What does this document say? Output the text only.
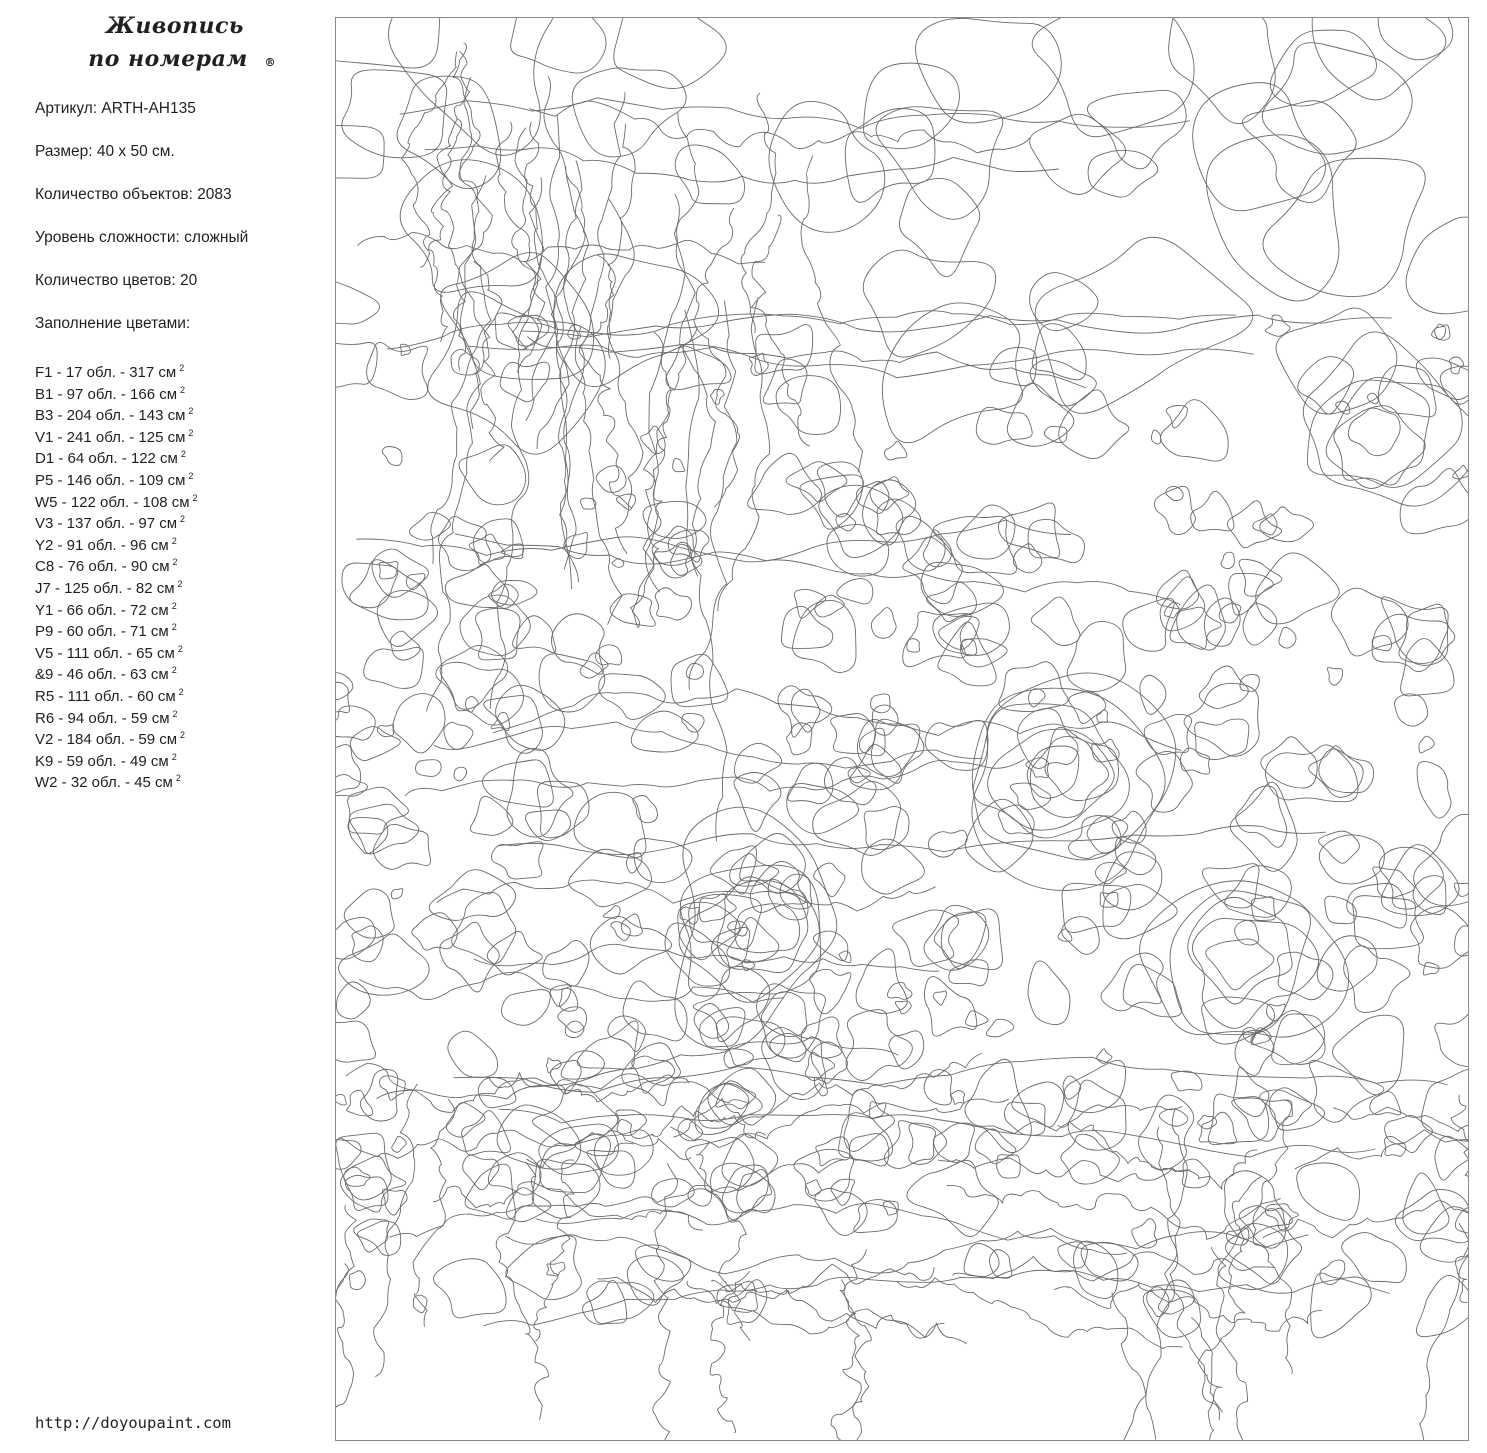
Живопись

по номерам	®
Артикул: ARTH-AH135
Размер: 40 х 50 см.
Количество объектов: 2083
Уровень сложности: сложный
Количество цветов: 20
Заполнение цветами:
F1 - 17 обл. - 317 см $^2$
B1 - 97 обл. - 166 см $^2$
B3 - 204 обл. - 143 см $^2$
V1 - 241 обл. - 125 см $^2$
D1 - 64 обл. - 122 см $^2$
P5 - 146 обл. - 109 см $^2$
W5 - 122 обл. - 108 см $^2$
V3 - 137 обл. - 97 см $^2$
Y2 - 91 обл. - 96 см $^2$
C8 - 76 обл. - 90 см $^2$
J7 - 125 обл. - 82 см $^2$
Y1 - 66 обл. - 72 см $^2$
P9 - 60 обл. - 71 см $^2$
V5 - 111 обл. - 65 см $^2$
&9 - 46 обл. - 63 см $^2$
R5 - 111 обл. - 60 см $^2$
R6 - 94 обл. - 59 см $^2$
V2 - 184 обл. - 59 см $^2$
K9 - 59 обл. - 49 см $^2$
W2 - 32 обл. - 45 см $^2$
http://doyoupaint.com
